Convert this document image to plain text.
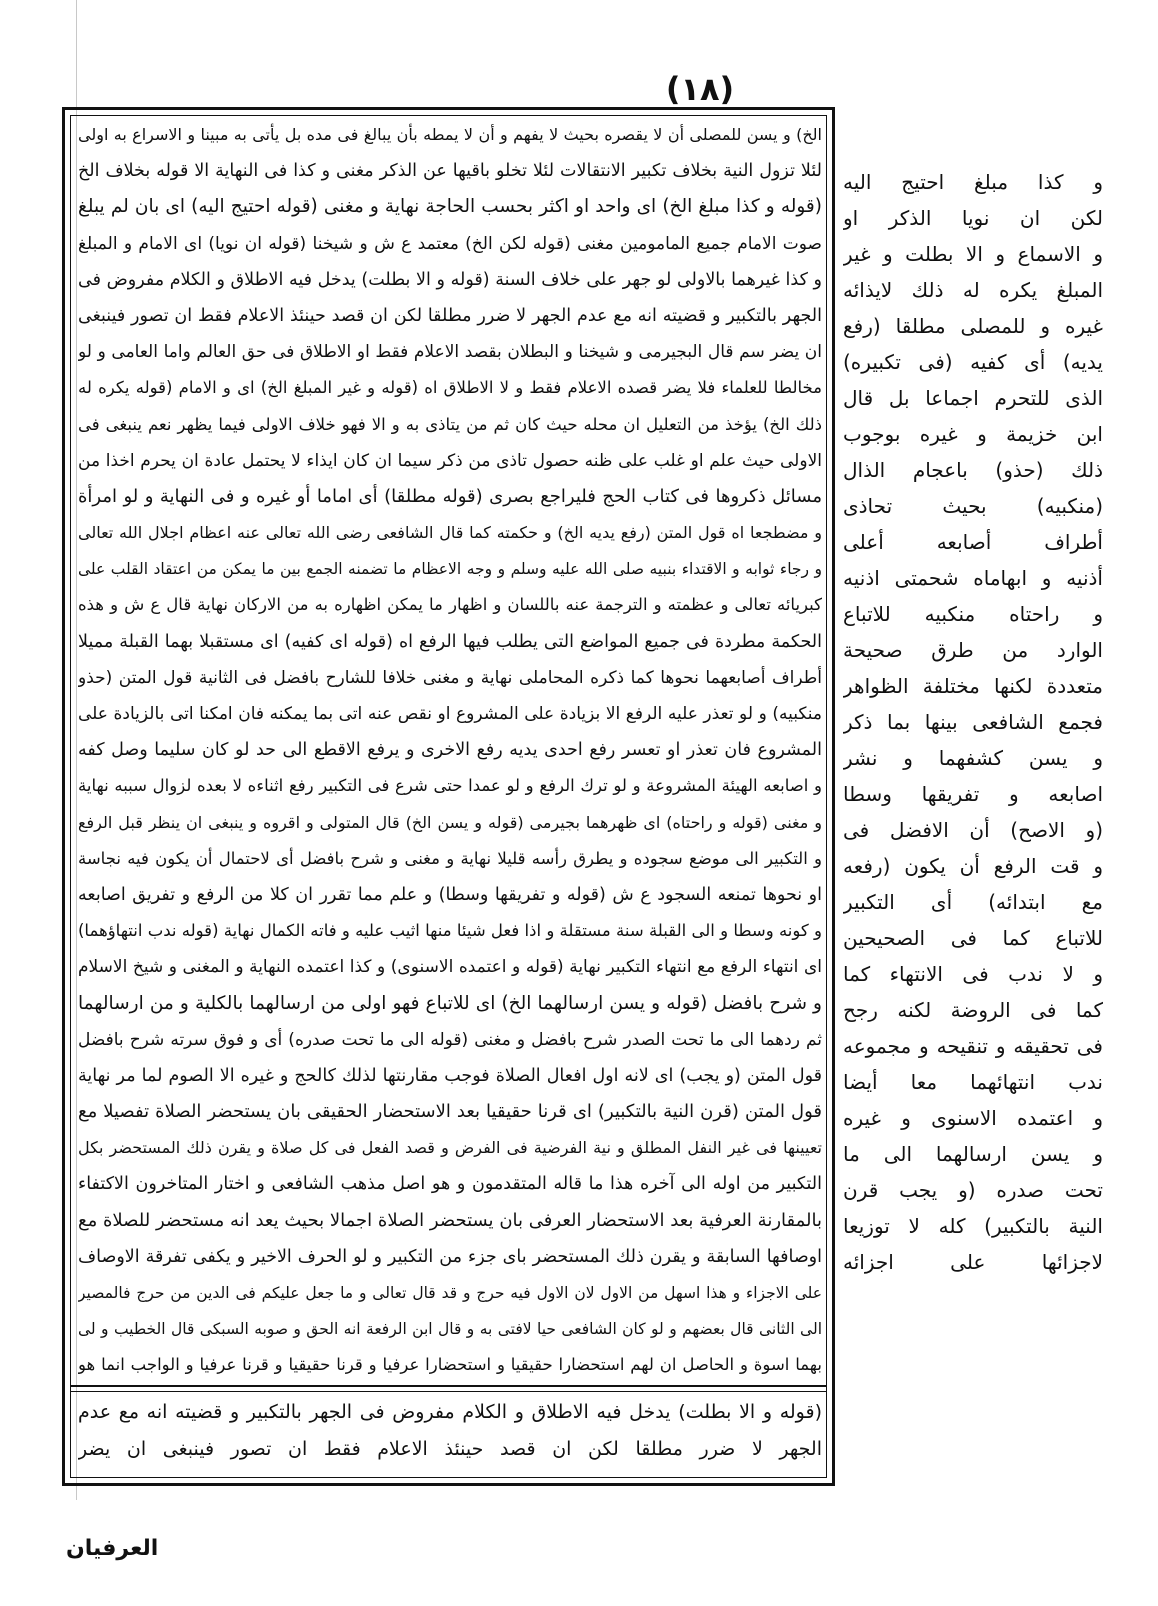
(١٨)
الخ) و يسن للمصلى أن لا يقصره بحيث لا يفهم و أن لا يمطه بأن يبالغ فى مده بل يأتى به مبينا و الاسراع به اولى
لئلا تزول النية بخلاف تكبير الانتقالات لئلا تخلو باقيها عن الذكر مغنى و كذا فى النهاية الا قوله بخلاف الخ
(قوله و كذا مبلغ الخ) اى واحد او اكثر بحسب الحاجة نهاية و مغنى (قوله احتيج اليه) اى بان لم يبلغ
صوت الامام جميع المامومين مغنى (قوله لكن الخ) معتمد ع ش و شيخنا (قوله ان نويا) اى الامام و المبلغ
و كذا غيرهما بالاولى لو جهر على خلاف السنة (قوله و الا بطلت) يدخل فيه الاطلاق و الكلام مفروض فى
الجهر بالتكبير و قضيته انه مع عدم الجهر لا ضرر مطلقا لكن ان قصد حينئذ الاعلام فقط ان تصور فينبغى
ان يضر سم قال البجيرمى و شيخنا و البطلان بقصد الاعلام فقط او الاطلاق فى حق العالم واما العامى و لو
مخالطا للعلماء فلا يضر قصده الاعلام فقط و لا الاطلاق اه (قوله و غير المبلغ الخ) اى و الامام (قوله يكره له
ذلك الخ) يؤخذ من التعليل ان محله حيث كان ثم من يتاذى به و الا فهو خلاف الاولى فيما يظهر نعم ينبغى فى
الاولى حيث علم او غلب على ظنه حصول تاذى من ذكر سيما ان كان ايذاء لا يحتمل عادة ان يحرم اخذا من
مسائل ذكروها فى كتاب الحج فليراجع بصرى (قوله مطلقا) أى اماما أو غيره و فى النهاية و لو امرأة
و مضطجعا اه قول المتن (رفع يديه الخ) و حكمته كما قال الشافعى رضى الله تعالى عنه اعظام اجلال الله تعالى
و رجاء ثوابه و الاقتداء بنبيه صلى الله عليه وسلم و وجه الاعظام ما تضمنه الجمع بين ما يمكن من اعتقاد القلب على
كبريائه تعالى و عظمته و الترجمة عنه باللسان و اظهار ما يمكن اظهاره به من الاركان نهاية قال ع ش و هذه
الحكمة مطردة فى جميع المواضع التى يطلب فيها الرفع اه (قوله اى كفيه) اى مستقبلا بهما القبلة مميلا
أطراف أصابعهما نحوها كما ذكره المحاملى نهاية و مغنى خلافا للشارح بافضل فى الثانية قول المتن (حذو
منكبيه) و لو تعذر عليه الرفع الا بزيادة على المشروع او نقص عنه اتى بما يمكنه فان امكنا اتى بالزيادة على
المشروع فان تعذر او تعسر رفع احدى يديه رفع الاخرى و يرفع الاقطع الى حد لو كان سليما وصل كفه
و اصابعه الهيئة المشروعة و لو ترك الرفع و لو عمدا حتى شرع فى التكبير رفع اثناءه لا بعده لزوال سببه نهاية
و مغنى (قوله و راحتاه) اى ظهرهما بجيرمى (قوله و يسن الخ) قال المتولى و اقروه و ينبغى ان ينظر قبل الرفع
و التكبير الى موضع سجوده و يطرق رأسه قليلا نهاية و مغنى و شرح بافضل أى لاحتمال أن يكون فيه نجاسة
او نحوها تمنعه السجود ع ش (قوله و تفريقها وسطا) و علم مما تقرر ان كلا من الرفع و تفريق اصابعه
و كونه وسطا و الى القبلة سنة مستقلة و اذا فعل شيئا منها اثيب عليه و فاته الكمال نهاية (قوله ندب انتهاؤهما)
اى انتهاء الرفع مع انتهاء التكبير نهاية (قوله و اعتمده الاسنوى) و كذا اعتمده النهاية و المغنى و شيخ الاسلام
و شرح بافضل (قوله و يسن ارسالهما الخ) اى للاتباع فهو اولى من ارسالهما بالكلية و من ارسالهما
ثم ردهما الى ما تحت الصدر شرح بافضل و مغنى (قوله الى ما تحت صدره) أى و فوق سرته شرح بافضل
قول المتن (و يجب) اى لانه اول افعال الصلاة فوجب مقارنتها لذلك كالحج و غيره الا الصوم لما مر نهاية
قول المتن (قرن النية بالتكبير) اى قرنا حقيقيا بعد الاستحضار الحقيقى بان يستحضر الصلاة تفصيلا مع
تعيينها فى غير النفل المطلق و نية الفرضية فى الفرض و قصد الفعل فى كل صلاة و يقرن ذلك المستحضر بكل
التكبير من اوله الى آخره هذا ما قاله المتقدمون و هو اصل مذهب الشافعى و اختار المتاخرون الاكتفاء
بالمقارنة العرفية بعد الاستحضار العرفى بان يستحضر الصلاة اجمالا بحيث يعد انه مستحضر للصلاة مع
اوصافها السابقة و يقرن ذلك المستحضر باى جزء من التكبير و لو الحرف الاخير و يكفى تفرقة الاوصاف
على الاجزاء و هذا اسهل من الاول لان الاول فيه حرج و قد قال تعالى و ما جعل عليكم فى الدين من حرج فالمصير
الى الثانى قال بعضهم و لو كان الشافعى حيا لافتى به و قال ابن الرفعة انه الحق و صوبه السبكى قال الخطيب و لى
بهما اسوة و الحاصل ان لهم استحضارا حقيقيا و استحضارا عرفيا و قرنا حقيقيا و قرنا عرفيا و الواجب انما هو
(قوله و الا بطلت) يدخل فيه الاطلاق و الكلام مفروض فى الجهر بالتكبير و قضيته انه مع عدم
الجهر لا ضرر مطلقا لكن ان قصد حينئذ الاعلام فقط ان تصور فينبغى ان يضر
و كذا مبلغ احتيج اليه
لكن ان نويا الذكر او
و الاسماع و الا بطلت و غير
المبلغ يكره له ذلك لايذائه
غيره و للمصلى مطلقا (رفع
يديه) أى كفيه (فى تكبيره)
الذى للتحرم اجماعا بل قال
ابن خزيمة و غيره بوجوب
ذلك (حذو) باعجام الذال
(منكبيه) بحيث تحاذى
أطراف أصابعه أعلى
أذنيه و ابهاماه شحمتى اذنيه
و راحتاه منكبيه للاتباع
الوارد من طرق صحيحة
متعددة لكنها مختلفة الظواهر
فجمع الشافعى بينها بما ذكر
و يسن كشفهما و نشر
اصابعه و تفريقها وسطا
(و الاصح) أن الافضل فى
و قت الرفع أن يكون (رفعه
مع ابتدائه) أى التكبير
للاتباع كما فى الصحيحين
و لا ندب فى الانتهاء كما
كما فى الروضة لكنه رجح
فى تحقيقه و تنقيحه و مجموعه
ندب انتهائهما معا أيضا
و اعتمده الاسنوى و غيره
و يسن ارسالهما الى ما
تحت صدره (و يجب قرن
النية بالتكبير) كله لا توزيعا
لاجزائها على اجزائه
العرفيان
